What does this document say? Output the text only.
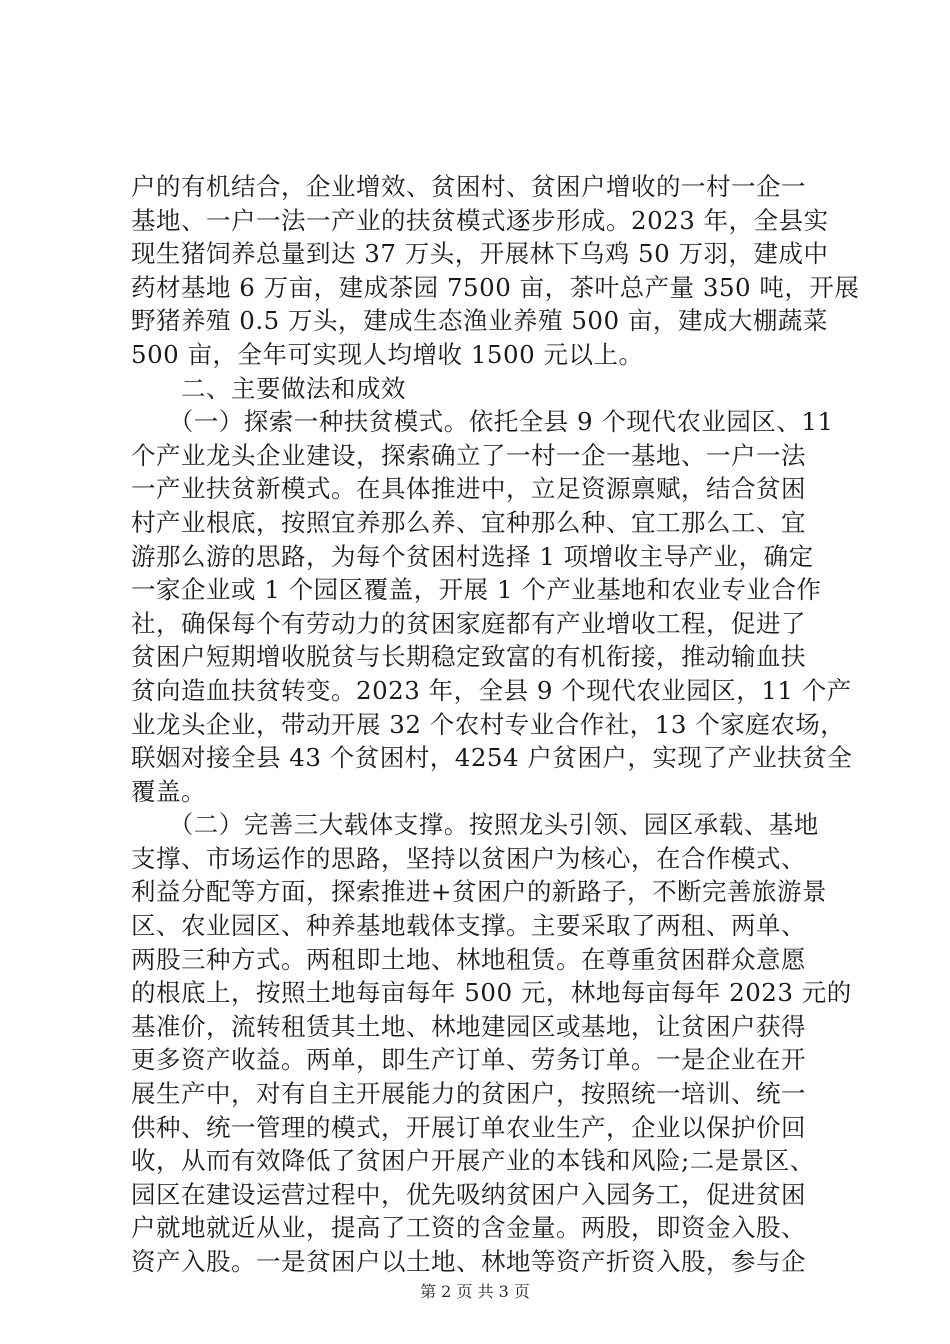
户的有机结合，企业增效、贫困村、贫困户增收的一村一企一
基地、一户一法一产业的扶贫模式逐步形成。2023 年，全县实
现生猪饲养总量到达 37 万头，开展林下乌鸡 50 万羽，建成中
药材基地 6 万亩，建成茶园 7500 亩，茶叶总产量 350 吨，开展
野猪养殖 0.5 万头，建成生态渔业养殖 500 亩，建成大棚蔬菜
500 亩，全年可实现人均增收 1500 元以上。
　　二、主要做法和成效
　　（一）探索一种扶贫模式。依托全县 9 个现代农业园区、11
个产业龙头企业建设，探索确立了一村一企一基地、一户一法
一产业扶贫新模式。在具体推进中，立足资源禀赋，结合贫困
村产业根底，按照宜养那么养、宜种那么种、宜工那么工、宜
游那么游的思路，为每个贫困村选择 1 项增收主导产业，确定
一家企业或 1 个园区覆盖，开展 1 个产业基地和农业专业合作
社，确保每个有劳动力的贫困家庭都有产业增收工程，促进了
贫困户短期增收脱贫与长期稳定致富的有机衔接，推动输血扶
贫向造血扶贫转变。2023 年，全县 9 个现代农业园区，11 个产
业龙头企业，带动开展 32 个农村专业合作社，13 个家庭农场，
联姻对接全县 43 个贫困村，4254 户贫困户，实现了产业扶贫全
覆盖。
　　（二）完善三大载体支撑。按照龙头引领、园区承载、基地
支撑、市场运作的思路，坚持以贫困户为核心，在合作模式、
利益分配等方面，探索推进+贫困户的新路子，不断完善旅游景
区、农业园区、种养基地载体支撑。主要采取了两租、两单、
两股三种方式。两租即土地、林地租赁。在尊重贫困群众意愿
的根底上，按照土地每亩每年 500 元，林地每亩每年 2023 元的
基准价，流转租赁其土地、林地建园区或基地，让贫困户获得
更多资产收益。两单，即生产订单、劳务订单。一是企业在开
展生产中，对有自主开展能力的贫困户，按照统一培训、统一
供种、统一管理的模式，开展订单农业生产，企业以保护价回
收，从而有效降低了贫困户开展产业的本钱和风险;二是景区、
园区在建设运营过程中，优先吸纳贫困户入园务工，促进贫困
户就地就近从业，提高了工资的含金量。两股，即资金入股、
资产入股。一是贫困户以土地、林地等资产折资入股，参与企
第 2 页 共 3 页
